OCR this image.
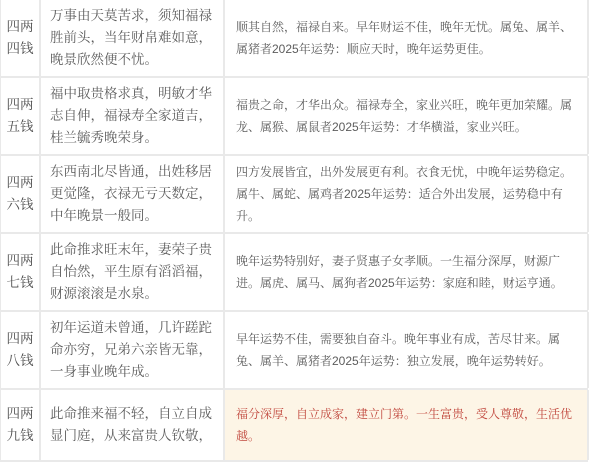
四两四钱
万事由天莫苦求，须知福禄胜前头，当年财帛难如意，晚景欣然便不忧。
顺其自然，福禄自来。早年财运不佳，晚年无忧。属兔、属羊、属猪者2025年运势：顺应天时，晚年运势更佳。
四两五钱
福中取贵格求真，明敏才华志自伸，福禄寿全家道吉，桂兰毓秀晚荣身。
福贵之命，才华出众。福禄寿全，家业兴旺，晚年更加荣耀。属龙、属猴、属鼠者2025年运势：才华横溢，家业兴旺。
四两六钱
东西南北尽皆通，出姓移居更觉隆，衣禄无亏天数定，中年晚景一般同。
四方发展皆宜，出外发展更有利。衣食无忧，中晚年运势稳定。属牛、属蛇、属鸡者2025年运势：适合外出发展，运势稳中有升。
四两七钱
此命推求旺末年，妻荣子贵自怡然，平生原有滔滔福，财源滚滚是水泉。
晚年运势特别好，妻子贤惠子女孝顺。一生福分深厚，财源广进。属虎、属马、属狗者2025年运势：家庭和睦，财运亨通。
四两八钱
初年运道未曾通，几许蹉跎命亦穷，兄弟六亲皆无靠，一身事业晚年成。
早年运势不佳，需要独自奋斗。晚年事业有成，苦尽甘来。属兔、属羊、属猪者2025年运势：独立发展，晚年运势转好。
四两九钱
此命推来福不轻，自立自成显门庭，从来富贵人钦敬，
福分深厚，自立成家，建立门第。一生富贵，受人尊敬，生活优越。
